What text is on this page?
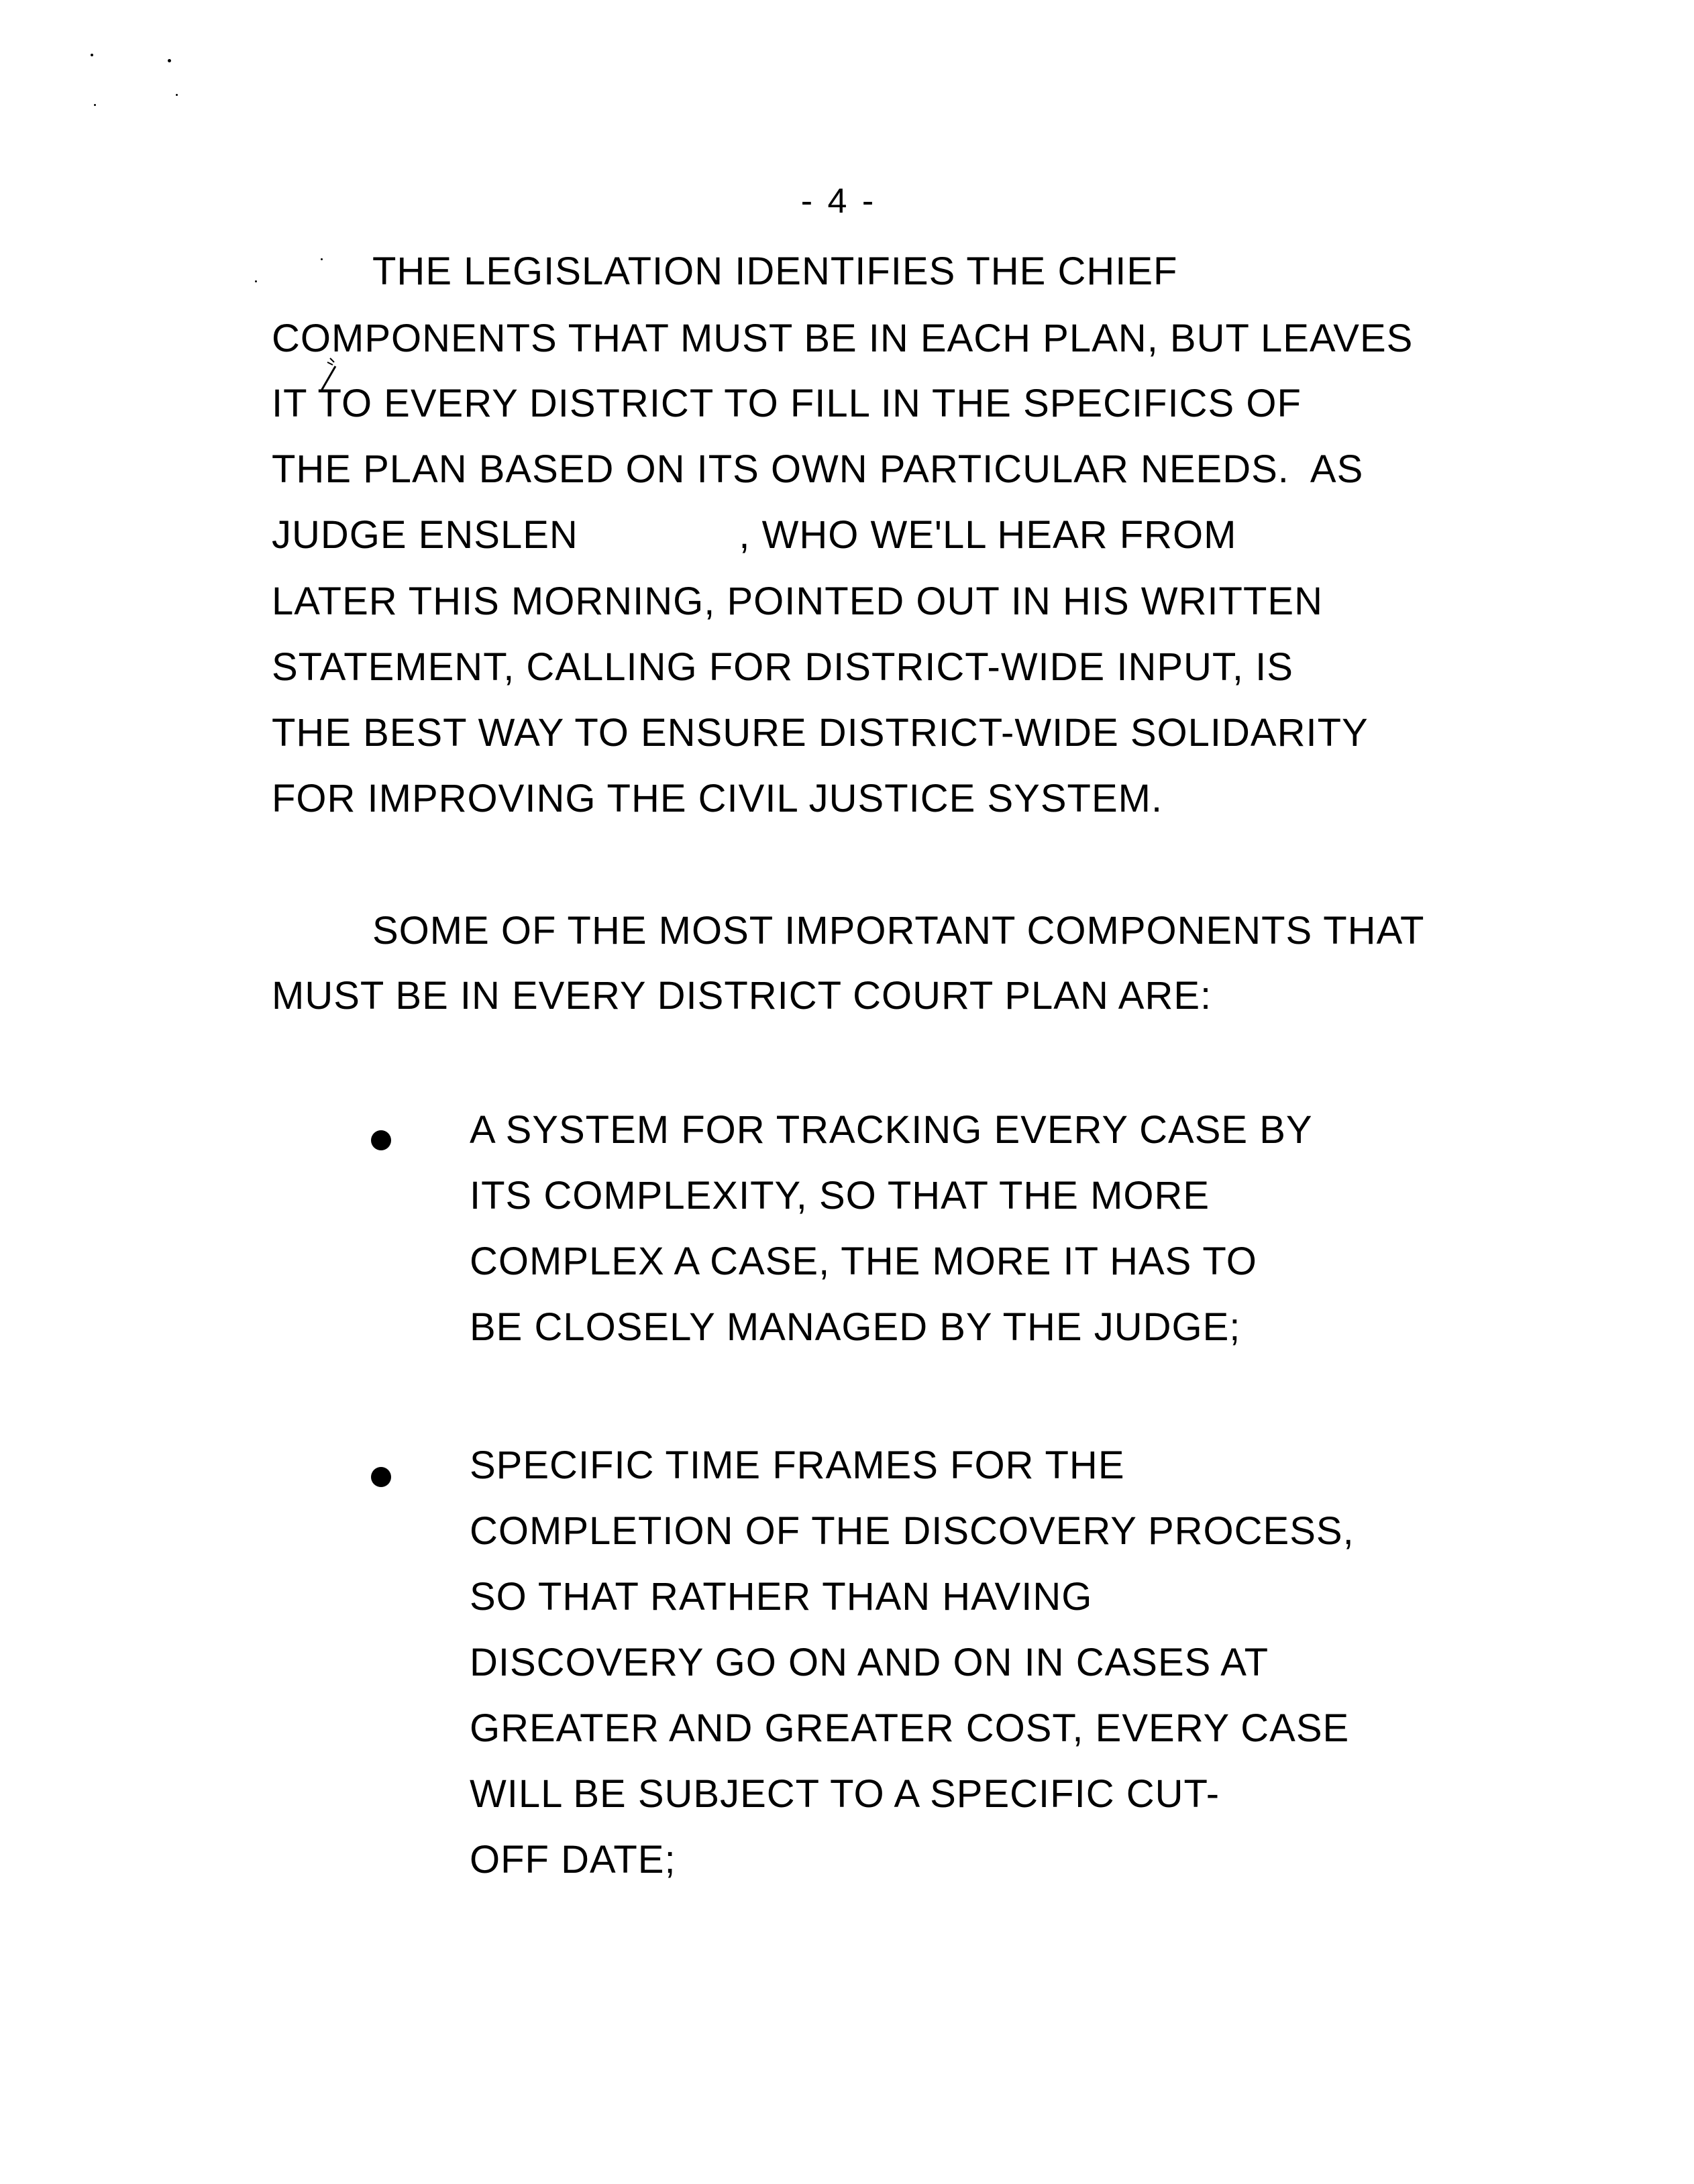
- 4 -
THE LEGISLATION IDENTIFIES THE CHIEF
COMPONENTS THAT MUST BE IN EACH PLAN, BUT LEAVES
IT TO EVERY DISTRICT TO FILL IN THE SPECIFICS OF
THE PLAN BASED ON ITS OWN PARTICULAR NEEDS.  AS
JUDGE ENSLEN              , WHO WE'LL HEAR FROM
LATER THIS MORNING, POINTED OUT IN HIS WRITTEN
STATEMENT, CALLING FOR DISTRICT-WIDE INPUT, IS
THE BEST WAY TO ENSURE DISTRICT-WIDE SOLIDARITY
FOR IMPROVING THE CIVIL JUSTICE SYSTEM.
SOME OF THE MOST IMPORTANT COMPONENTS THAT
MUST BE IN EVERY DISTRICT COURT PLAN ARE:
A SYSTEM FOR TRACKING EVERY CASE BY
ITS COMPLEXITY, SO THAT THE MORE
COMPLEX A CASE, THE MORE IT HAS TO
BE CLOSELY MANAGED BY THE JUDGE;
SPECIFIC TIME FRAMES FOR THE
COMPLETION OF THE DISCOVERY PROCESS,
SO THAT RATHER THAN HAVING
DISCOVERY GO ON AND ON IN CASES AT
GREATER AND GREATER COST, EVERY CASE
WILL BE SUBJECT TO A SPECIFIC CUT-
OFF DATE;
